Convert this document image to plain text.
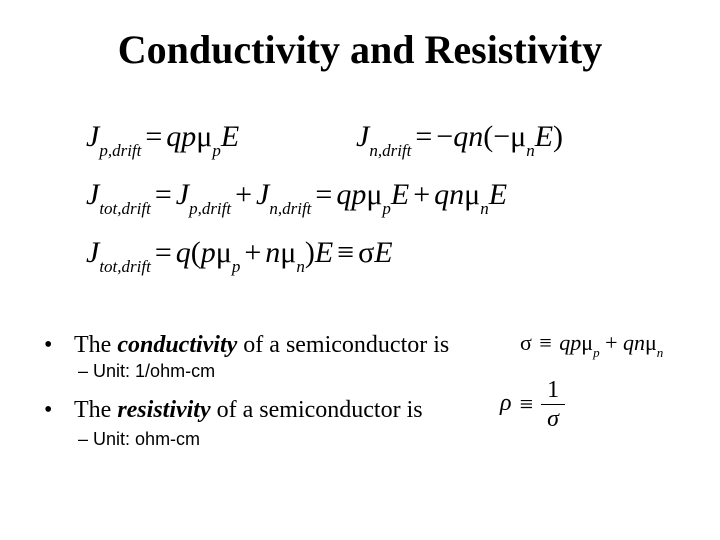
Conductivity and Resistivity
$J_{p,drift} = qp\mu_pE$	$J_{n,drift} = -qn(-\mu_nE)$
$J_{tot,drift} = J_{p,drift} + J_{n,drift} = qp\mu_pE + qn\mu_nE$
$J_{tot,drift} = q(p\mu_p + n\mu_n)E \equiv \sigma E$
• The conductivity of a semiconductor is	σ ≡ qpμ$_p$ + qnμ$_n$
– Unit: 1/ohm-cm
• The resistivity of a semiconductor is	$\rho \equiv \frac{1}{\sigma}$
– Unit: ohm-cm
